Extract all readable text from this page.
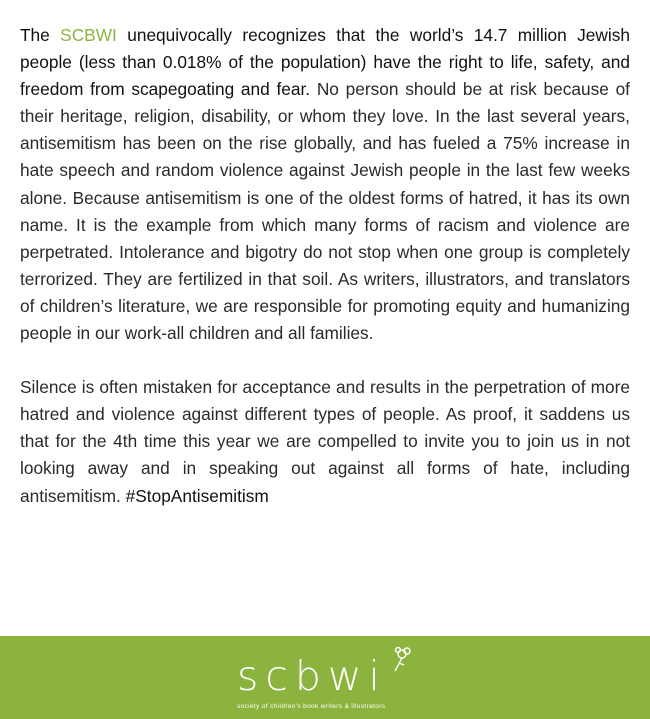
The SCBWI unequivocally recognizes that the world’s 14.7 million Jewish people (less than 0.018% of the population) have the right to life, safety, and freedom from scapegoating and fear. No person should be at risk because of their heritage, religion, disability, or whom they love. In the last several years, antisemitism has been on the rise globally, and has fueled a 75% increase in hate speech and random violence against Jewish people in the last few weeks alone. Because antisemitism is one of the oldest forms of hatred, it has its own name. It is the example from which many forms of racism and violence are perpetrated. Intolerance and bigotry do not stop when one group is completely terrorized. They are fertilized in that soil. As writers, illustrators, and translators of children’s literature, we are responsible for promoting equity and humanizing people in our work-all children and all families.

Silence is often mistaken for acceptance and results in the perpetration of more hatred and violence against different types of people. As proof, it saddens us that for the 4th time this year we are compelled to invite you to join us in not looking away and in speaking out against all forms of hate, including antisemitism. #StopAntisemitism

scbwi
society of children's book writers & illustrators
